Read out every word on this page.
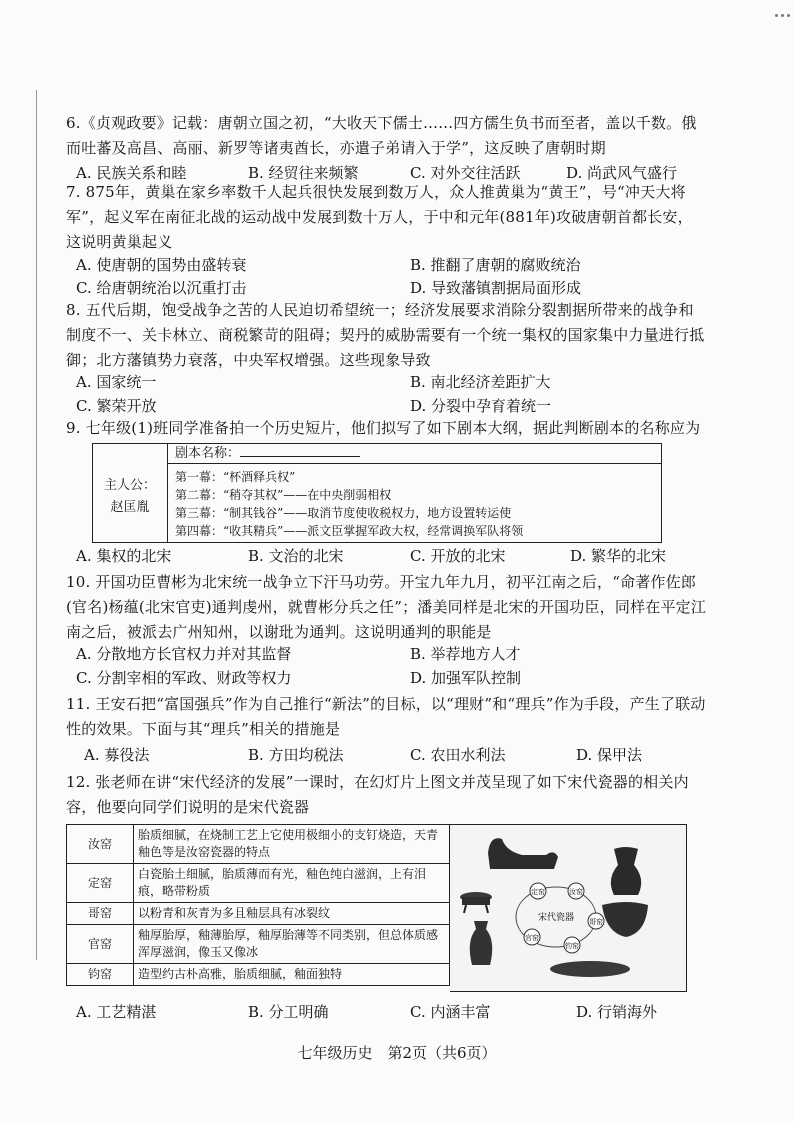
6.《贞观政要》记载：唐朝立国之初，“大收天下儒士……四方儒生负书而至者，盖以千数。俄而吐蕃及高昌、高丽、新罗等诸夷酋长，亦遣子弟请入于学”，这反映了唐朝时期
A. 民族关系和睦	B. 经贸往来频繁	C. 对外交往活跃	D. 尚武风气盛行
7. 875年，黄巢在家乡率数千人起兵很快发展到数万人，众人推黄巢为“黄王”，号“冲天大将军”，起义军在南征北战的运动战中发展到数十万人，于中和元年(881年)攻破唐朝首都长安，这说明黄巢起义
A. 使唐朝的国势由盛转衰	B. 推翻了唐朝的腐败统治
C. 给唐朝统治以沉重打击	D. 导致藩镇割据局面形成
8. 五代后期，饱受战争之苦的人民迫切希望统一；经济发展要求消除分裂割据所带来的战争和制度不一、关卡林立、商税繁苛的阻碍；契丹的威胁需要有一个统一集权的国家集中力量进行抵御；北方藩镇势力衰落，中央军权增强。这些现象导致
A. 国家统一	B. 南北经济差距扩大
C. 繁荣开放	D. 分裂中孕育着统一
9. 七年级(1)班同学准备拍一个历史短片，他们拟写了如下剧本大纲，据此判断剧本的名称应为
主人公：
赵匡胤
剧本名称：
第一幕：“杯酒释兵权”
第二幕：“稍夺其权”——在中央削弱相权
第三幕：“制其钱谷”——取消节度使收税权力，地方设置转运使
第四幕：“收其精兵”——派文臣掌握军政大权，经常调换军队将领
A. 集权的北宋	B. 文治的北宋	C. 开放的北宋	D. 繁华的北宋
10. 开国功臣曹彬为北宋统一战争立下汗马功劳。开宝九年九月，初平江南之后，“命著作佐郎(官名)杨蕴(北宋官吏)通判虔州，就曹彬分兵之任”；潘美同样是北宋的开国功臣，同样在平定江南之后，被派去广州知州，以谢玭为通判。这说明通判的职能是
A. 分散地方长官权力并对其监督	B. 举荐地方人才
C. 分割宰相的军政、财政等权力	D. 加强军队控制
11. 王安石把“富国强兵”作为自己推行“新法”的目标，以“理财”和“理兵”作为手段，产生了联动性的效果。下面与其“理兵”相关的措施是
A. 募役法	B. 方田均税法	C. 农田水利法	D. 保甲法
12. 张老师在讲“宋代经济的发展”一课时，在幻灯片上图文并茂呈现了如下宋代瓷器的相关内容，他要向同学们说明的是宋代瓷器
汝窑	胎质细腻，在烧制工艺上它使用极细小的支钉烧造，天青釉色等是汝窑瓷器的特点
定窑	白瓷胎土细腻，胎质薄而有光，釉色纯白滋润，上有泪痕，略带粉质
哥窑	以粉青和灰青为多且釉层具有冰裂纹
官窑	釉厚胎厚，釉薄胎厚，釉厚胎薄等不同类别，但总体质感浑厚滋润，像玉又像冰
钧窑	造型约古朴高雅，胎质细腻，釉面独特
宋代瓷器
定窑	汝窑
哥窑
钧窑
官窑
A. 工艺精湛	B. 分工明确	C. 内涵丰富	D. 行销海外
七年级历史　第2页（共6页）
